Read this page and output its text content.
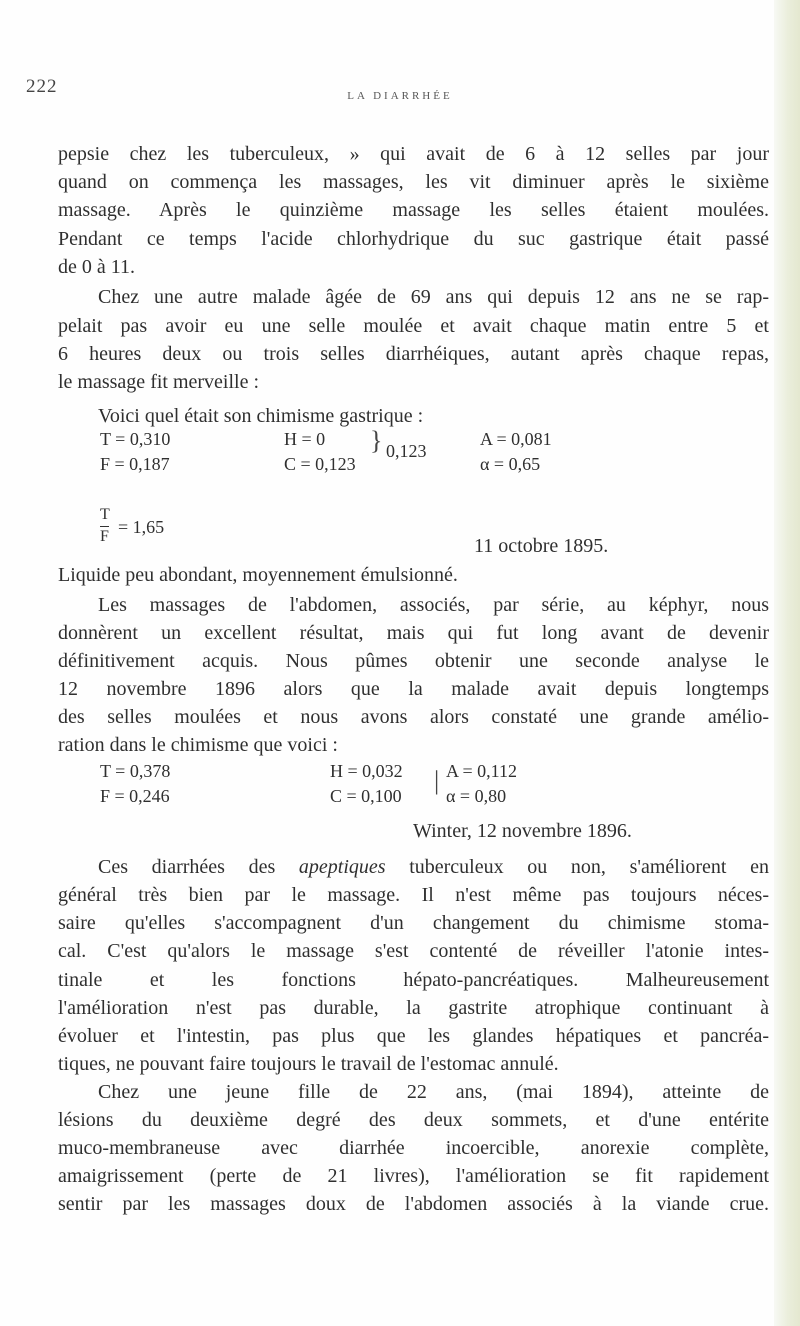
222	LA DIARRHÉE
pepsie chez les tuberculeux, » qui avait de 6 à 12 selles par jour
quand on commença les massages, les vit diminuer après le sixième
massage. Après le quinzième massage les selles étaient moulées.
Pendant ce temps l'acide chlorhydrique du suc gastrique était passé
de 0 à 11.
Chez une autre malade âgée de 69 ans qui depuis 12 ans ne se rap-
pelait pas avoir eu une selle moulée et avait chaque matin entre 5 et
6 heures deux ou trois selles diarrhéiques, autant après chaque repas,
le massage fit merveille :
Voici quel était son chimisme gastrique :
T = 0,310
F = 0,187
H = 0
C = 0,123
} 0,123
A = 0,081
α = 0,65
T
F = 1,65
11 octobre 1895.
Liquide peu abondant, moyennement émulsionné.
Les massages de l'abdomen, associés, par série, au képhyr, nous
donnèrent un excellent résultat, mais qui fut long avant de devenir
définitivement acquis. Nous pûmes obtenir une seconde analyse le
12 novembre 1896 alors que la malade avait depuis longtemps
des selles moulées et nous avons alors constaté une grande amélio-
ration dans le chimisme que voici :
T = 0,378
F = 0,246
H = 0,032
C = 0,100
| A = 0,112
α = 0,80
Winter, 12 novembre 1896.
Ces diarrhées des apeptiques tuberculeux ou non, s'améliorent en
général très bien par le massage. Il n'est même pas toujours néces-
saire qu'elles s'accompagnent d'un changement du chimisme stoma-
cal. C'est qu'alors le massage s'est contenté de réveiller l'atonie intes-
tinale et les fonctions hépato-pancréatiques. Malheureusement
l'amélioration n'est pas durable, la gastrite atrophique continuant à
évoluer et l'intestin, pas plus que les glandes hépatiques et pancréa-
tiques, ne pouvant faire toujours le travail de l'estomac annulé.
Chez une jeune fille de 22 ans, (mai 1894), atteinte de
lésions du deuxième degré des deux sommets, et d'une entérite
muco-membraneuse avec diarrhée incoercible, anorexie complète,
amaigrissement (perte de 21 livres), l'amélioration se fit rapidement
sentir par les massages doux de l'abdomen associés à la viande crue.
